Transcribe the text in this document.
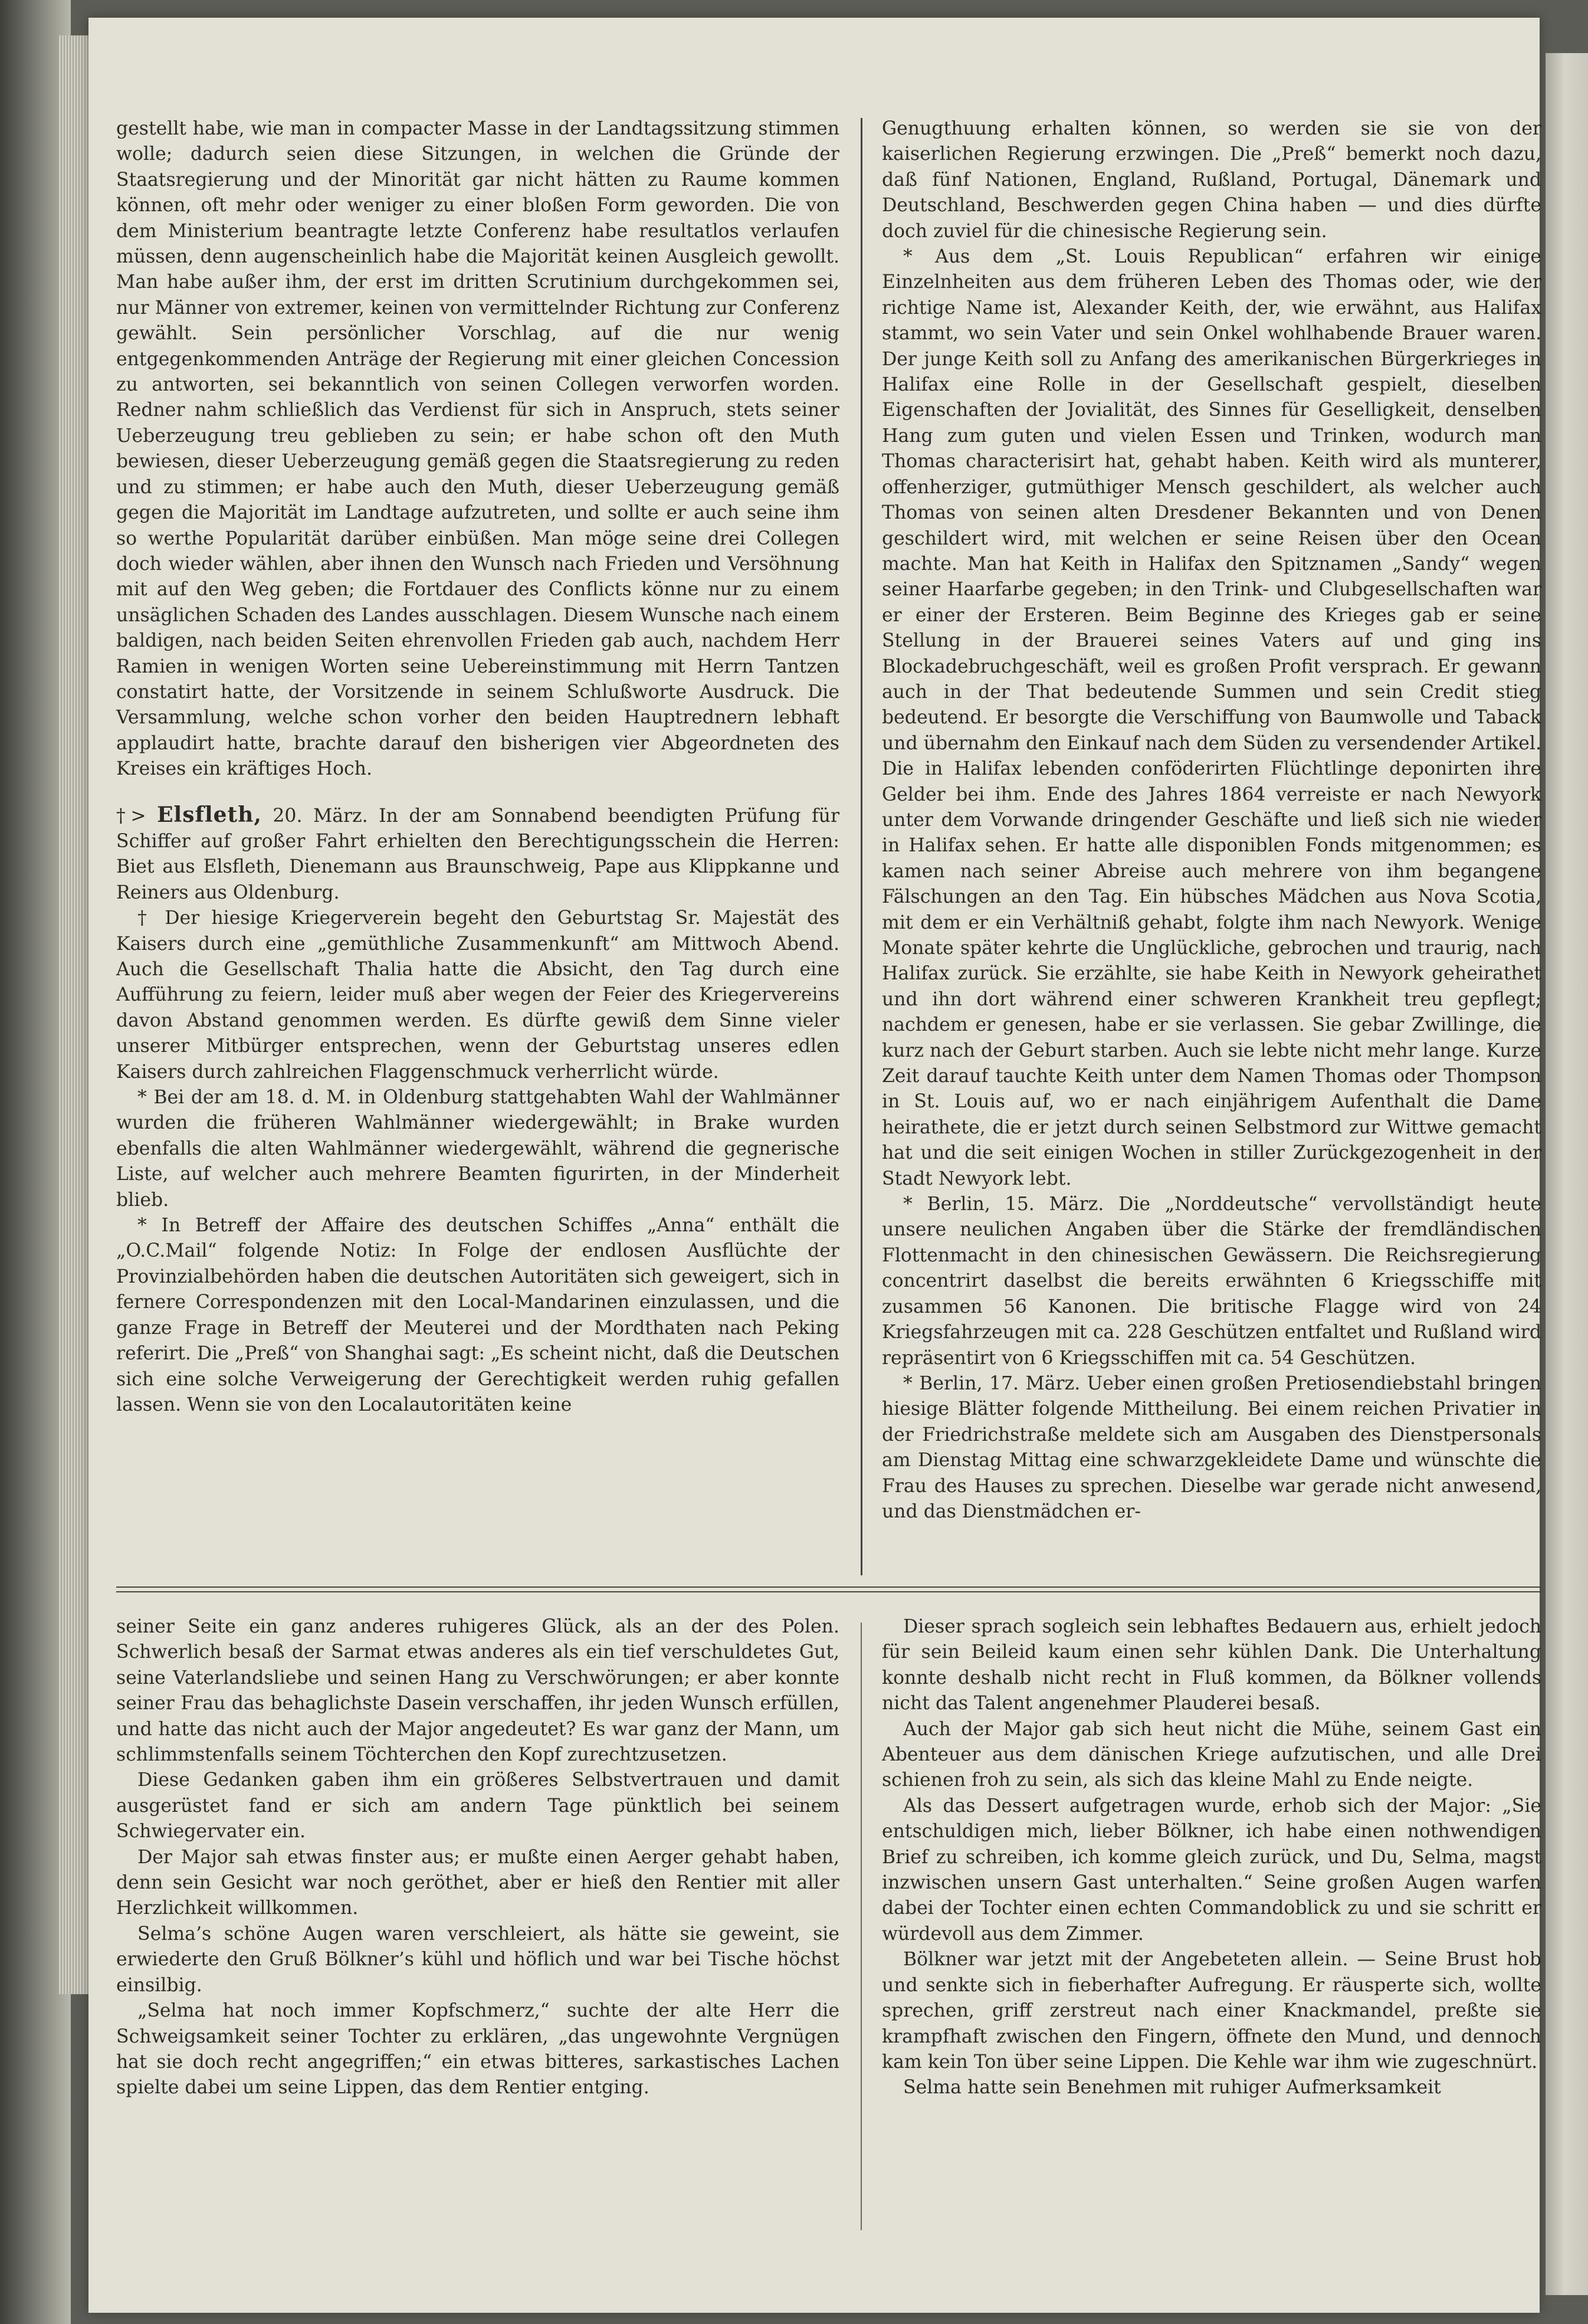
gestellt habe, wie man in compacter Masse in der Landtagssitzung stimmen wolle; dadurch seien diese Sitzungen, in welchen die Gründe der Staatsregierung und der Minorität gar nicht hätten zu Raume kommen können, oft mehr oder weniger zu einer bloßen Form geworden. Die von dem Ministerium beantragte letzte Conferenz habe resultatlos verlaufen müssen, denn augenscheinlich habe die Majorität keinen Ausgleich gewollt. Man habe außer ihm, der erst im dritten Scrutinium durchgekommen sei, nur Männer von extremer, keinen von vermittelnder Richtung zur Conferenz gewählt. Sein persönlicher Vorschlag, auf die nur wenig entgegenkommenden Anträge der Regierung mit einer gleichen Concession zu antworten, sei bekanntlich von seinen Collegen verworfen worden. Redner nahm schließlich das Verdienst für sich in Anspruch, stets seiner Ueberzeugung treu geblieben zu sein; er habe schon oft den Muth bewiesen, dieser Ueberzeugung gemäß gegen die Staatsregierung zu reden und zu stimmen; er habe auch den Muth, dieser Ueberzeugung gemäß gegen die Majorität im Landtage aufzutreten, und sollte er auch seine ihm so werthe Popularität darüber einbüßen. Man möge seine drei Collegen doch wieder wählen, aber ihnen den Wunsch nach Frieden und Versöhnung mit auf den Weg geben; die Fortdauer des Conflicts könne nur zu einem unsäglichen Schaden des Landes ausschlagen. Diesem Wunsche nach einem baldigen, nach beiden Seiten ehrenvollen Frieden gab auch, nachdem Herr Ramien in wenigen Worten seine Uebereinstimmung mit Herrn Tantzen constatirt hatte, der Vorsitzende in seinem Schlußworte Ausdruck. Die Versammlung, welche schon vorher den beiden Hauptrednern lebhaft applaudirt hatte, brachte darauf den bisherigen vier Abgeordneten des Kreises ein kräftiges Hoch.

†> Elsfleth, 20. März. In der am Sonnabend beendigten Prüfung für Schiffer auf großer Fahrt erhielten den Berechtigungsschein die Herren: Biet aus Elsfleth, Dienemann aus Braunschweig, Pape aus Klippkanne und Reiners aus Oldenburg.

† Der hiesige Kriegerverein begeht den Geburtstag Sr. Majestät des Kaisers durch eine „gemüthliche Zusammenkunft“ am Mittwoch Abend. Auch die Gesellschaft Thalia hatte die Absicht, den Tag durch eine Aufführung zu feiern, leider muß aber wegen der Feier des Kriegervereins davon Abstand genommen werden. Es dürfte gewiß dem Sinne vieler unserer Mitbürger entsprechen, wenn der Geburtstag unseres edlen Kaisers durch zahlreichen Flaggenschmuck verherrlicht würde.

* Bei der am 18. d. M. in Oldenburg stattgehabten Wahl der Wahlmänner wurden die früheren Wahlmänner wiedergewählt; in Brake wurden ebenfalls die alten Wahlmänner wiedergewählt, während die gegnerische Liste, auf welcher auch mehrere Beamten figurirten, in der Minderheit blieb.

* In Betreff der Affaire des deutschen Schiffes „Anna“ enthält die „O.C.Mail“ folgende Notiz: In Folge der endlosen Ausflüchte der Provinzialbehörden haben die deutschen Autoritäten sich geweigert, sich in fernere Correspondenzen mit den Local-Mandarinen einzulassen, und die ganze Frage in Betreff der Meuterei und der Mordthaten nach Peking referirt. Die „Preß“ von Shanghai sagt: „Es scheint nicht, daß die Deutschen sich eine solche Verweigerung der Gerechtigkeit werden ruhig gefallen lassen. Wenn sie von den Localautoritäten keine

Genugthuung erhalten können, so werden sie sie von der kaiserlichen Regierung erzwingen. Die „Preß“ bemerkt noch dazu, daß fünf Nationen, England, Rußland, Portugal, Dänemark und Deutschland, Beschwerden gegen China haben — und dies dürfte doch zuviel für die chinesische Regierung sein.

* Aus dem „St. Louis Republican“ erfahren wir einige Einzelnheiten aus dem früheren Leben des Thomas oder, wie der richtige Name ist, Alexander Keith, der, wie erwähnt, aus Halifax stammt, wo sein Vater und sein Onkel wohlhabende Brauer waren. Der junge Keith soll zu Anfang des amerikanischen Bürgerkrieges in Halifax eine Rolle in der Gesellschaft gespielt, dieselben Eigenschaften der Jovialität, des Sinnes für Geselligkeit, denselben Hang zum guten und vielen Essen und Trinken, wodurch man Thomas characterisirt hat, gehabt haben. Keith wird als munterer, offenherziger, gutmüthiger Mensch geschildert, als welcher auch Thomas von seinen alten Dresdener Bekannten und von Denen geschildert wird, mit welchen er seine Reisen über den Ocean machte. Man hat Keith in Halifax den Spitznamen „Sandy“ wegen seiner Haarfarbe gegeben; in den Trink- und Clubgesellschaften war er einer der Ersteren. Beim Beginne des Krieges gab er seine Stellung in der Brauerei seines Vaters auf und ging ins Blockadebruchgeschäft, weil es großen Profit versprach. Er gewann auch in der That bedeutende Summen und sein Credit stieg bedeutend. Er besorgte die Verschiffung von Baumwolle und Taback und übernahm den Einkauf nach dem Süden zu versendender Artikel. Die in Halifax lebenden conföderirten Flüchtlinge deponirten ihre Gelder bei ihm. Ende des Jahres 1864 verreiste er nach Newyork unter dem Vorwande dringender Geschäfte und ließ sich nie wieder in Halifax sehen. Er hatte alle disponiblen Fonds mitgenommen; es kamen nach seiner Abreise auch mehrere von ihm begangene Fälschungen an den Tag. Ein hübsches Mädchen aus Nova Scotia, mit dem er ein Verhältniß gehabt, folgte ihm nach Newyork. Wenige Monate später kehrte die Unglückliche, gebrochen und traurig, nach Halifax zurück. Sie erzählte, sie habe Keith in Newyork geheirathet und ihn dort während einer schweren Krankheit treu gepflegt; nachdem er genesen, habe er sie verlassen. Sie gebar Zwillinge, die kurz nach der Geburt starben. Auch sie lebte nicht mehr lange. Kurze Zeit darauf tauchte Keith unter dem Namen Thomas oder Thompson in St. Louis auf, wo er nach einjährigem Aufenthalt die Dame heirathete, die er jetzt durch seinen Selbstmord zur Wittwe gemacht hat und die seit einigen Wochen in stiller Zurückgezogenheit in der Stadt Newyork lebt.

* Berlin, 15. März. Die „Norddeutsche“ vervollständigt heute unsere neulichen Angaben über die Stärke der fremdländischen Flottenmacht in den chinesischen Gewässern. Die Reichsregierung concentrirt daselbst die bereits erwähnten 6 Kriegsschiffe mit zusammen 56 Kanonen. Die britische Flagge wird von 24 Kriegsfahrzeugen mit ca. 228 Geschützen entfaltet und Rußland wird repräsentirt von 6 Kriegsschiffen mit ca. 54 Geschützen.

* Berlin, 17. März. Ueber einen großen Pretiosendiebstahl bringen hiesige Blätter folgende Mittheilung. Bei einem reichen Privatier in der Friedrichstraße meldete sich am Ausgaben des Dienstpersonals am Dienstag Mittag eine schwarzgekleidete Dame und wünschte die Frau des Hauses zu sprechen. Dieselbe war gerade nicht anwesend, und das Dienstmädchen er-

seiner Seite ein ganz anderes ruhigeres Glück, als an der des Polen. Schwerlich besaß der Sarmat etwas anderes als ein tief verschuldetes Gut, seine Vaterlandsliebe und seinen Hang zu Verschwörungen; er aber konnte seiner Frau das behaglichste Dasein verschaffen, ihr jeden Wunsch erfüllen, und hatte das nicht auch der Major angedeutet? Es war ganz der Mann, um schlimmstenfalls seinem Töchterchen den Kopf zurechtzusetzen.

Diese Gedanken gaben ihm ein größeres Selbstvertrauen und damit ausgerüstet fand er sich am andern Tage pünktlich bei seinem Schwiegervater ein.

Der Major sah etwas finster aus; er mußte einen Aerger gehabt haben, denn sein Gesicht war noch geröthet, aber er hieß den Rentier mit aller Herzlichkeit willkommen.

Selma’s schöne Augen waren verschleiert, als hätte sie geweint, sie erwiederte den Gruß Bölkner’s kühl und höflich und war bei Tische höchst einsilbig.

„Selma hat noch immer Kopfschmerz,“ suchte der alte Herr die Schweigsamkeit seiner Tochter zu erklären, „das ungewohnte Vergnügen hat sie doch recht angegriffen;“ ein etwas bitteres, sarkastisches Lachen spielte dabei um seine Lippen, das dem Rentier entging.

Dieser sprach sogleich sein lebhaftes Bedauern aus, erhielt jedoch für sein Beileid kaum einen sehr kühlen Dank. Die Unterhaltung konnte deshalb nicht recht in Fluß kommen, da Bölkner vollends nicht das Talent angenehmer Plauderei besaß.

Auch der Major gab sich heut nicht die Mühe, seinem Gast ein Abenteuer aus dem dänischen Kriege aufzutischen, und alle Drei schienen froh zu sein, als sich das kleine Mahl zu Ende neigte.

Als das Dessert aufgetragen wurde, erhob sich der Major: „Sie entschuldigen mich, lieber Bölkner, ich habe einen nothwendigen Brief zu schreiben, ich komme gleich zurück, und Du, Selma, magst inzwischen unsern Gast unterhalten.“ Seine großen Augen warfen dabei der Tochter einen echten Commandoblick zu und sie schritt er würdevoll aus dem Zimmer.

Bölkner war jetzt mit der Angebeteten allein. — Seine Brust hob und senkte sich in fieberhafter Aufregung. Er räusperte sich, wollte sprechen, griff zerstreut nach einer Knackmandel, preßte sie krampfhaft zwischen den Fingern, öffnete den Mund, und dennoch kam kein Ton über seine Lippen. Die Kehle war ihm wie zugeschnürt.

Selma hatte sein Benehmen mit ruhiger Aufmerksamkeit
